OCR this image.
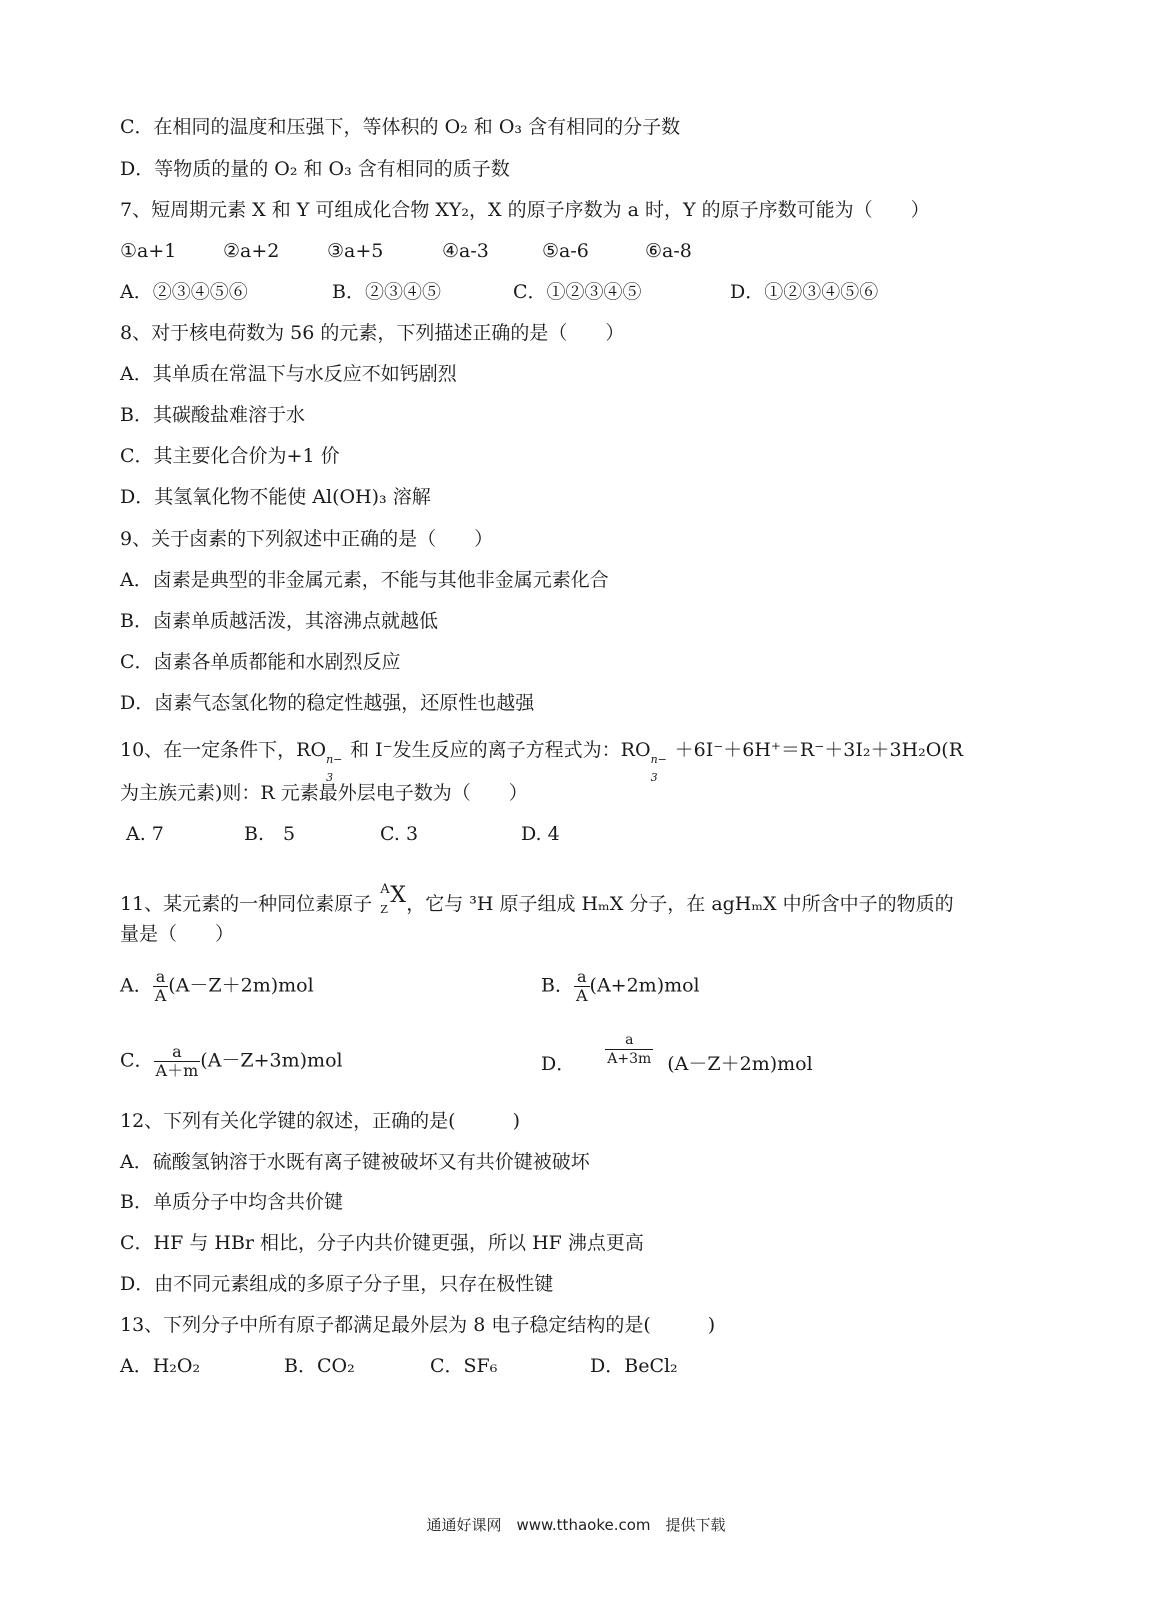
C．在相同的温度和压强下，等体积的 O₂ 和 O₃ 含有相同的分子数
D．等物质的量的 O₂ 和 O₃ 含有相同的质子数
7、短周期元素 X 和 Y 可组成化合物 XY₂，X 的原子序数为 a 时，Y 的原子序数可能为（　　）
①a+1 ②a+2	③a+5	④a-3	⑤a-6	⑥a-8
A．②③④⑤⑥	B．②③④⑤	C．①②③④⑤	D．①②③④⑤⑥
8、对于核电荷数为 56 的元素，下列描述正确的是（　　）
A．其单质在常温下与水反应不如钙剧烈
B．其碳酸盐难溶于水
C．其主要化合价为+1 价
D．其氢氧化物不能使 Al(OH)₃ 溶解
9、关于卤素的下列叙述中正确的是（　　）
A．卤素是典型的非金属元素，不能与其他非金属元素化合
B．卤素单质越活泼，其溶沸点就越低
C．卤素各单质都能和水剧烈反应
D．卤素气态氢化物的稳定性越强，还原性也越强
10、在一定条件下，RO n−
3
和 I⁻发生反应的离子方程式为：RO n−
3
＋6I⁻＋6H⁺＝R⁻＋3I₂＋3H₂O(R
为主族元素)则：R 元素最外层电子数为（　　）
A. 7	B.　5	C. 3	D. 4
11、某元素的一种同位素原子
A
Z
X ，它与 ³H 原子组成 HₘX 分子，在 agHₘX 中所含中子的物质的
量是（　　）
A． $\frac{a}{A} (A-Z+2m)mol$	B． $\frac{a}{A} (A+2m)mol$
C． $\frac{a}{A+m} (A-Z+3m)mol$	D． $\frac{a}{A+3m} (A-Z+2m)mol$
12、下列有关化学键的叙述，正确的是(　　　)
A．硫酸氢钠溶于水既有离子键被破坏又有共价键被破坏
B．单质分子中均含共价键
C．HF 与 HBr 相比，分子内共价键更强，所以 HF 沸点更高
D．由不同元素组成的多原子分子里，只存在极性键
13、下列分子中所有原子都满足最外层为 8 电子稳定结构的是(　　　)
A．H₂O₂	B．CO₂	C．SF₆	D．BeCl₂
通通好课网　www.tthaoke.com　提供下载
